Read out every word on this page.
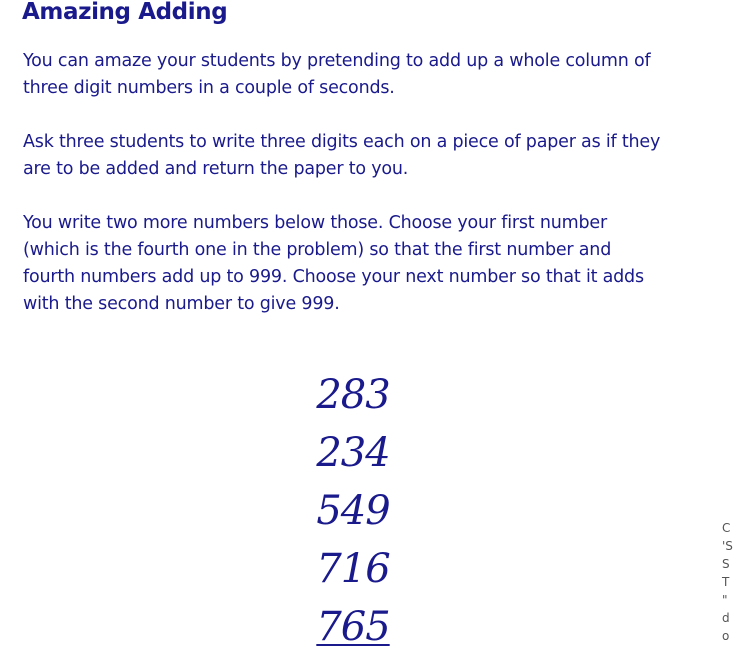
Amazing Adding

You can amaze your students by pretending to add up a whole column of
three digit numbers in a couple of seconds.

Ask three students to write three digits each on a piece of paper as if they
are to be added and return the paper to you.

You write two more numbers below those. Choose your first number
(which is the fourth one in the problem) so that the first number and
fourth numbers add up to 999. Choose your next number so that it adds
with the second number to give 999.

283
234
549
716
765
C
'S
S
T
"
d
o
